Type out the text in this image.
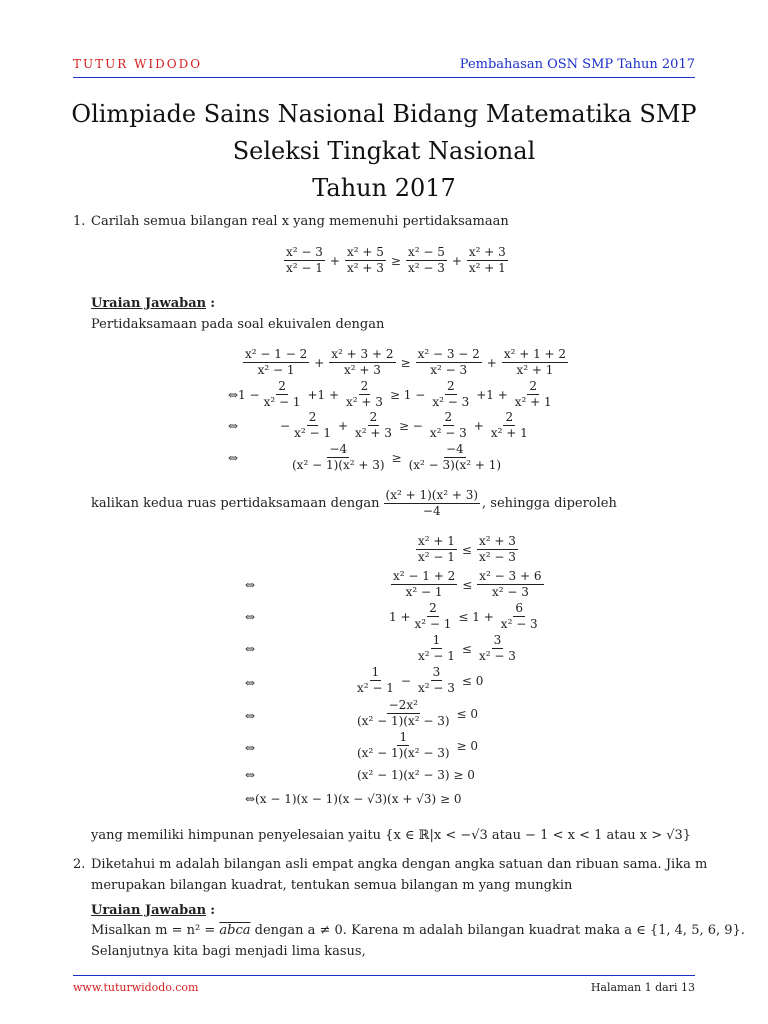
TUTUR WIDODO	Pembahasan OSN SMP Tahun 2017
Olimpiade Sains Nasional Bidang Matematika SMP
Seleksi Tingkat Nasional
Tahun 2017
1. Carilah semua bilangan real x yang memenuhi pertidaksamaan
x² − 3
x² − 1
+ $\frac{\text{x² + 5}}{\text{x² + 3}} \ge \frac{\text{x² − 5}}{\text{x² − 3}} + \frac{\text{x² + 3}}{\text{x² + 1}}$
Uraian Jawaban :
Pertidaksamaan pada soal ekuivalen dengan
x² − 1 − 2
x² − 1
+ $\frac{\text{x² + 3 + 2}}{\text{x² + 3}} \ge \frac{\text{x² − 3 − 2}}{\text{x² − 3}} + \frac{\text{x² + 1 + 2}}{\text{x² + 1}}$
⇔1 − $\frac{2}{\text{x² − 1}} +1 + \frac{2}{\text{x² + 3}} \ge 1 - \frac{2}{\text{x² − 3}} +1 + \frac{2}{\text{x² + 1}}$
⇔	− $\frac{2}{\text{x² − 1}} + \frac{2}{\text{x² + 3}}$ ≥ − $\frac{2}{\text{x² − 3}} + \frac{2}{\text{x² + 1}}$
⇔	$\frac{-4}{\text{(x² − 1)(x² + 3)}} \ge \frac{-4}{\text{(x² − 3)(x² + 1)}}$
kalikan kedua ruas pertidaksamaan dengan
(x² + 1)(x² + 3)
−4	, sehingga diperoleh
$\frac{\text{x² + 1}}{\text{x² − 1}} \le \frac{\text{x² + 3}}{\text{x² − 3}}$
⇔	$\frac{\text{x² − 1 + 2}}{\text{x² − 1}} \le \frac{\text{x² − 3 + 6}}{\text{x² − 3}}$
⇔	$1 + \frac{2}{\text{x² − 1}} \le 1 + \frac{6}{\text{x² − 3}}$
⇔	$\frac{1}{\text{x² − 1}} \le \frac{3}{\text{x² − 3}}$
⇔
1
x² − 1
− $\frac{3}{\text{x² − 3}} \le 0$
⇔	$\frac{\text{−2x²}}{\text{(x² − 1)(x² − 3)}} \le 0$
⇔	$\frac{1}{\text{(x² − 1)(x² − 3)}} \ge 0$
⇔	(x² − 1)(x² − 3) ≥ 0
⇔(x − 1)(x − 1)(x − √3)(x + √3) ≥ 0
yang memiliki himpunan penyelesaian yaitu {x ∈ ℝ|x < −√3 atau − 1 < x < 1 atau x > √3}
2. Diketahui m adalah bilangan asli empat angka dengan angka satuan dan ribuan sama. Jika m
merupakan bilangan kuadrat, tentukan semua bilangan m yang mungkin
Uraian Jawaban :
Misalkan m = n² = abca dengan a ≠ 0. Karena m adalah bilangan kuadrat maka a ∈ {1, 4, 5, 6, 9}.
Selanjutnya kita bagi menjadi lima kasus,
www.tuturwidodo.com	Halaman 1 dari 13
